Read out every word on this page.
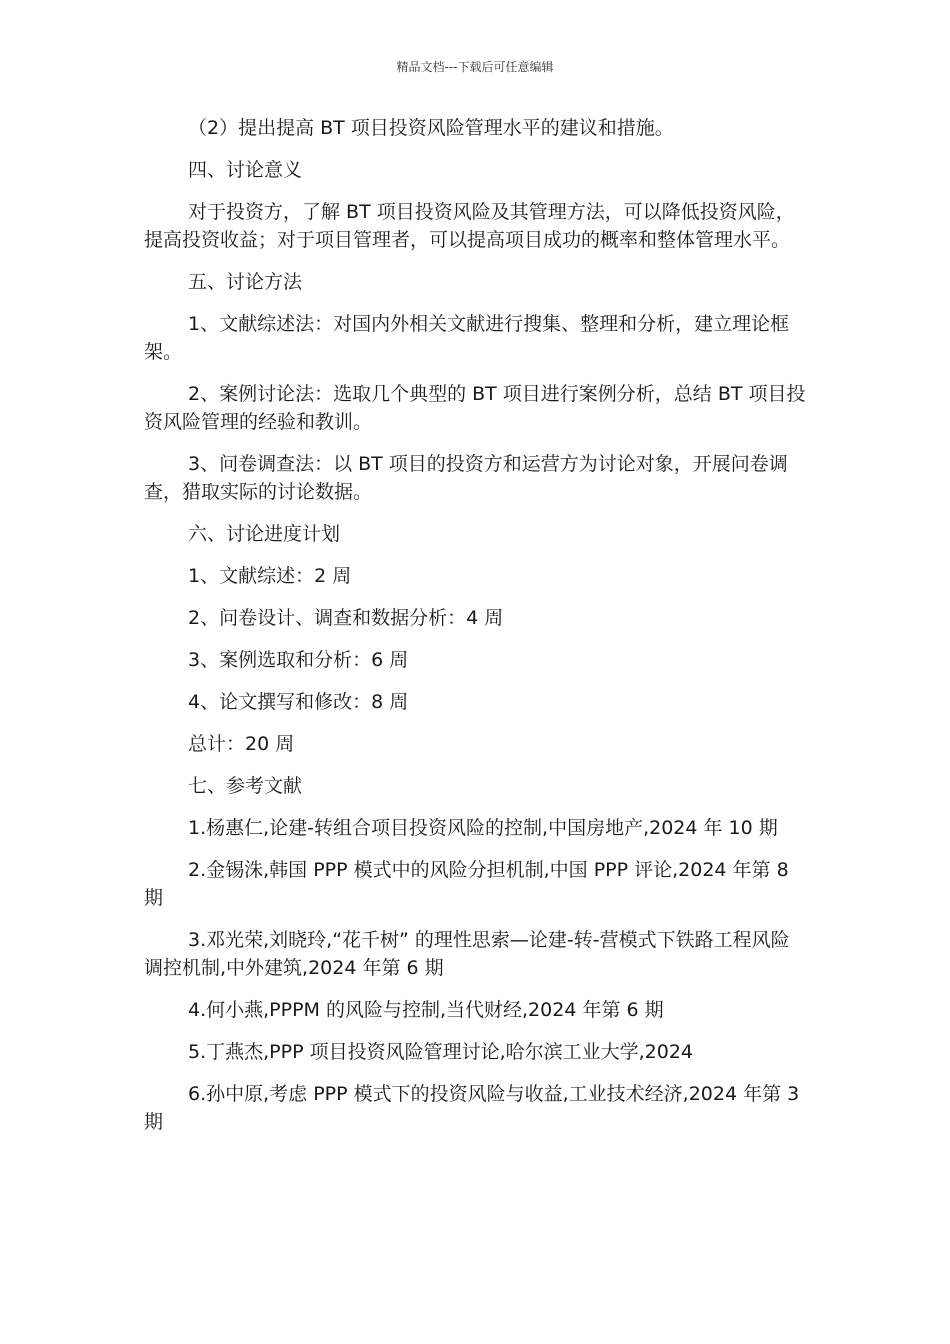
精品文档---下载后可任意编辑

（2）提出提高 BT 项目投资风险管理水平的建议和措施。

四、讨论意义

对于投资方，了解 BT 项目投资风险及其管理方法，可以降低投资风险，提高投资收益；对于项目管理者，可以提高项目成功的概率和整体管理水平。

五、讨论方法

1、文献综述法：对国内外相关文献进行搜集、整理和分析，建立理论框架。

2、案例讨论法：选取几个典型的 BT 项目进行案例分析，总结 BT 项目投资风险管理的经验和教训。

3、问卷调查法：以 BT 项目的投资方和运营方为讨论对象，开展问卷调查，猎取实际的讨论数据。

六、讨论进度计划

1、文献综述：2 周

2、问卷设计、调查和数据分析：4 周

3、案例选取和分析：6 周

4、论文撰写和修改：8 周

总计：20 周

七、参考文献

1.杨惠仁,论建-转组合项目投资风险的控制,中国房地产,2024 年 10 期

2.金锡洙,韩国 PPP 模式中的风险分担机制,中国 PPP 评论,2024 年第 8 期

3.邓光荣,刘晓玲,“花千树” 的理性思索—论建-转-营模式下铁路工程风险调控机制,中外建筑,2024 年第 6 期

4.何小燕,PPPM 的风险与控制,当代财经,2024 年第 6 期

5.丁燕杰,PPP 项目投资风险管理讨论,哈尔滨工业大学,2024

6.孙中原,考虑 PPP 模式下的投资风险与收益,工业技术经济,2024 年第 3 期
